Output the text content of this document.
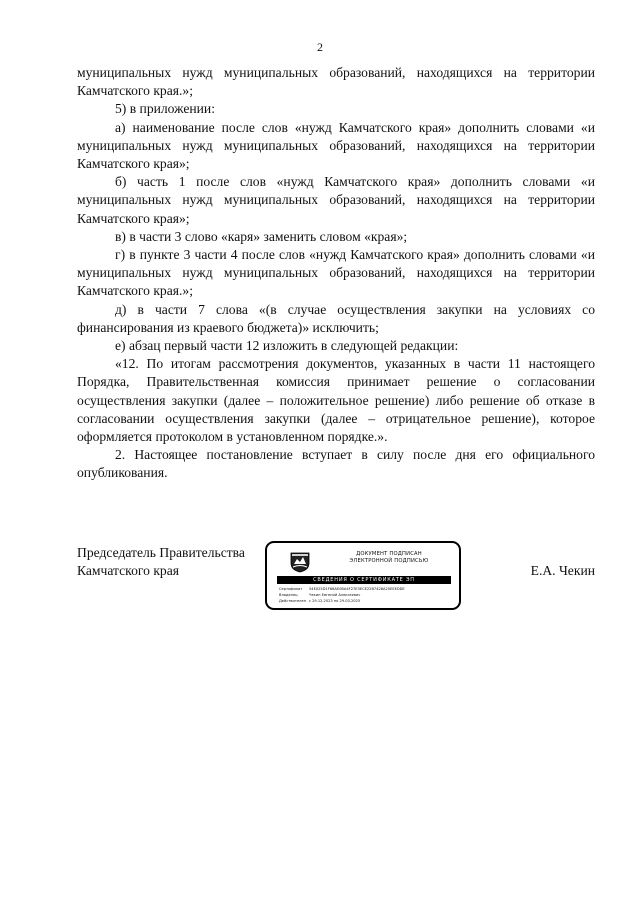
2

муниципальных нужд муниципальных образований, находящихся на территории Камчатского края.»;

5) в приложении:

а) наименование после слов «нужд Камчатского края» дополнить словами «и муниципальных нужд муниципальных образований, находящихся на территории Камчатского края»;

б) часть 1 после слов «нужд Камчатского края» дополнить словами «и муниципальных нужд муниципальных образований, находящихся на территории Камчатского края»;

в) в части 3 слово «каря» заменить словом «края»;

г) в пункте 3 части 4 после слов «нужд Камчатского края» дополнить словами «и муниципальных нужд муниципальных образований, находящихся на территории Камчатского края.»;

д) в части 7 слова «(в случае осуществления закупки на условиях со финансирования из краевого бюджета)» исключить;

е) абзац первый части 12 изложить в следующей редакции:

«12. По итогам рассмотрения документов, указанных в части 11 настоящего Порядка, Правительственная комиссия принимает решение о согласовании осуществления закупки (далее – положительное решение) либо решение об отказе в согласовании осуществления закупки (далее – отрицательное решение), которое оформляется протоколом в установленном порядке.».

2. Настоящее постановление вступает в силу после дня его официального опубликования.

Председатель Правительства
Камчатского края
ДОКУМЕНТ ПОДПИСАН
ЭЛЕКТРОННОЙ ПОДПИСЬЮ
СВЕДЕНИЯ О СЕРТИФИКАТЕ ЭП
Сертификат 54E025D1F68AE0BA4F27E3ECE22B7428A20EEEDDE
Владелец	Чекин Евгений Алексеевич
Действителен с 29.12.2023 по 29.03.2025
Е.А. Чекин
